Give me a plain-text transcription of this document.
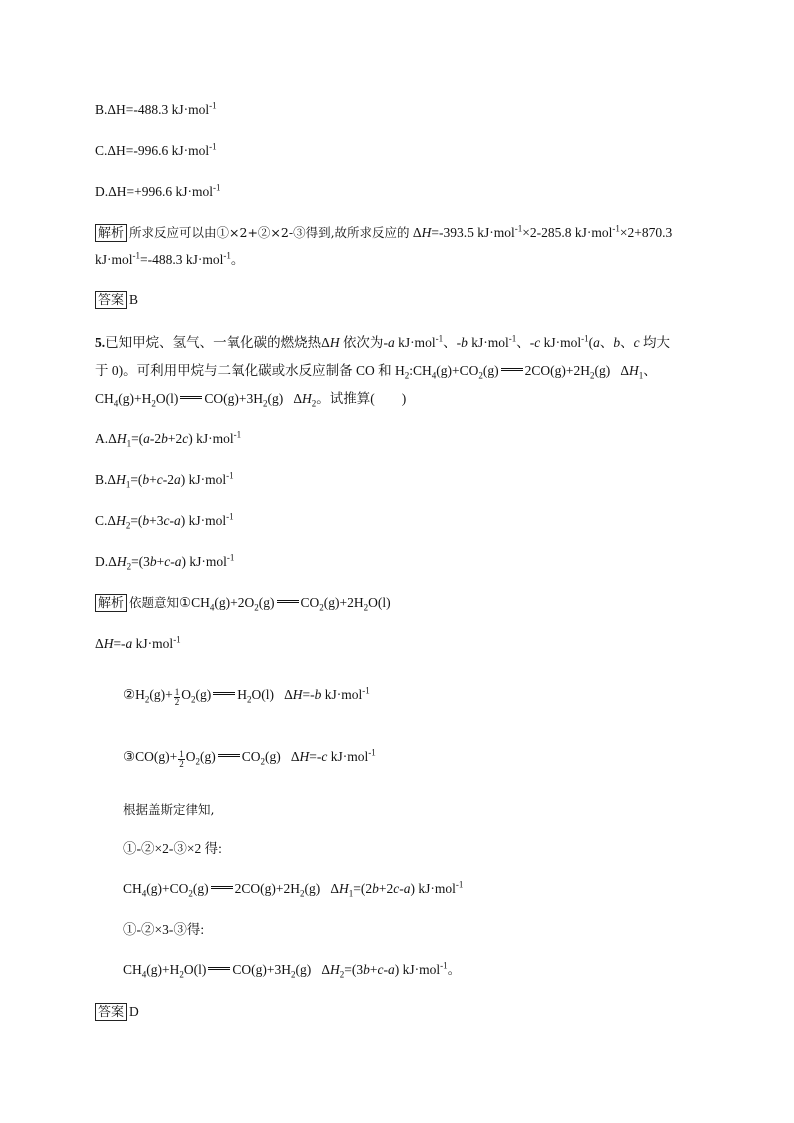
B.ΔH=-488.3 kJ·mol$^{-1}$
C.ΔH=-996.6 kJ·mol$^{-1}$
D.ΔH=+996.6 kJ·mol$^{-1}$
解析 所求反应可以由①×2+②×2-③得到,故所求反应的 ΔH=-393.5 kJ·mol$^{-1}$×2-285.8 kJ·mol$^{-1}$×2+870.3
kJ·mol$^{-1}$=-488.3 kJ·mol$^{-1}$。
答案 B
5.已知甲烷、氢气、一氧化碳的燃烧热ΔH 依次为-a kJ·mol$^{-1}$、-b kJ·mol$^{-1}$、-c kJ·mol$^{-1}$(a、b、c 均大
于 0)。可利用甲烷与二氧化碳或水反应制备 CO 和 $H_2:CH_4(g)+CO_2(g)$ $2CO(g)+2H_2(g)$   $\Delta H_1$、
$CH_4(g)+H_2O(l)$ $CO(g)+3H_2(g)$   $\Delta H_2$。试推算(　　)
$A.\Delta H_1=(a-2b+2c)$ kJ·mol$^{-1}$
$B.\Delta H_1=(b+c-2a)$ kJ·mol$^{-1}$
$C.\Delta H_2=(b+3c-a)$ kJ·mol$^{-1}$
$D.\Delta H_2=(3b+c-a)$ kJ·mol$^{-1}$
解析 依题意知$①CH_4(g)+2O_2(g)$ $CO_2(g)+2H_2O(l)$
ΔH=-a kJ·mol$^{-1}$
$②H_2(g)+ \frac{1}{2} O_2(g)$ $H_2O(l)$   ΔH=-b kJ·mol$^{-1}$
③CO(g)+ $\frac{1}{2} O_2(g)$ $CO_2(g)$   ΔH=-c kJ·mol$^{-1}$
根据盖斯定律知,
①-②×2-③×2 得:
$CH_4(g)+CO_2(g)$ $2CO(g)+2H_2(g)$   $\Delta H_1=(2b+2c-a)$ kJ·mol$^{-1}$
①-②×3-③得:
$CH_4(g)+H_2O(l)$ $CO(g)+3H_2(g)$   $\Delta H_2=(3b+c-a)$ kJ·mol$^{-1}$。
答案 D
